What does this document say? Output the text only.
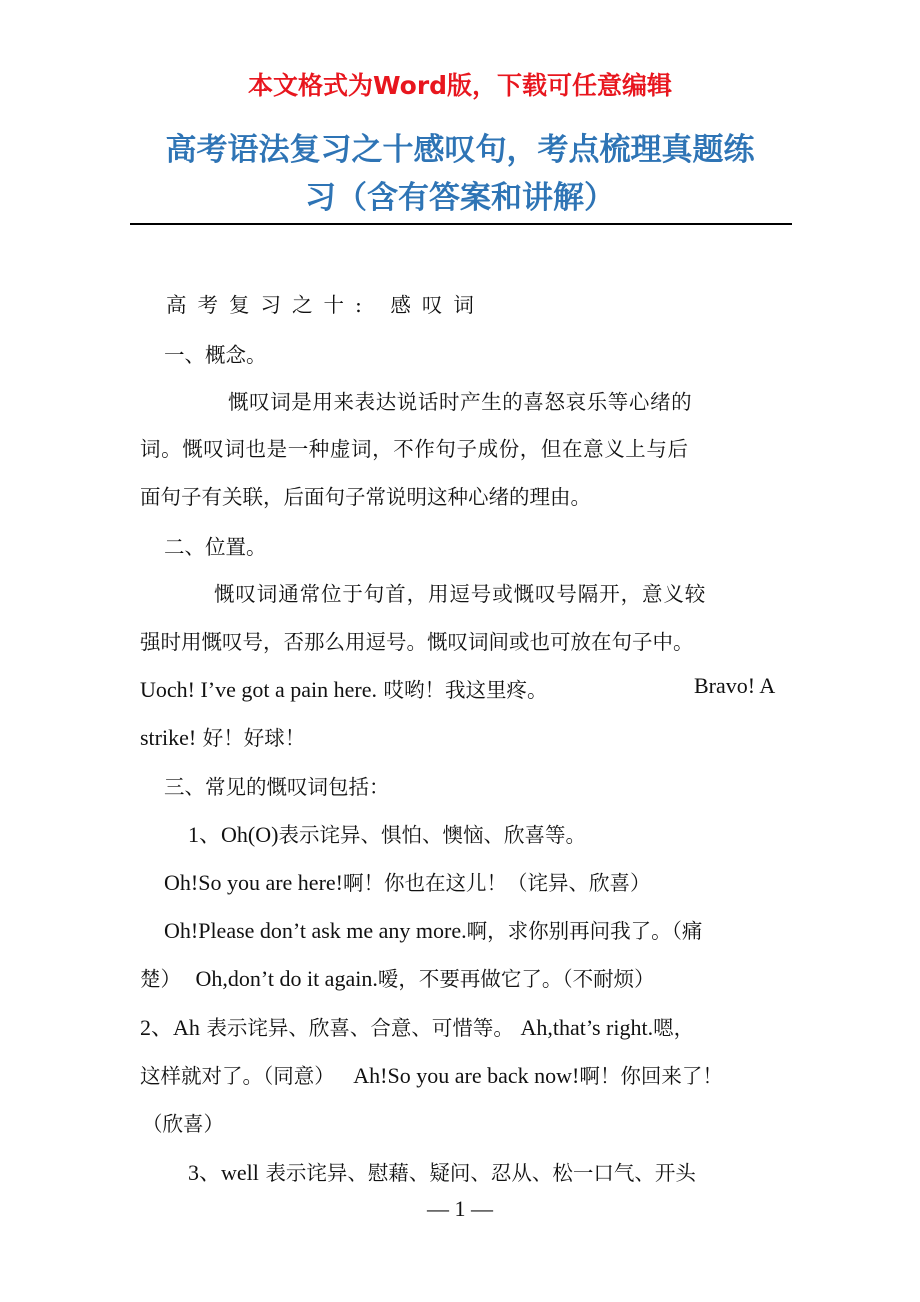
本文格式为Word版，下载可任意编辑
高考语法复习之十感叹句，考点梳理真题练
习（含有答案和讲解）
高考复习之十: 感叹词
一、概念。
慨叹词是用来表达说话时产生的喜怒哀乐等心绪的
词。慨叹词也是一种虚词，不作句子成份，但在意义上与后
面句子有关联，后面句子常说明这种心绪的理由。
二、位置。
慨叹词通常位于句首，用逗号或慨叹号隔开，意义较
强时用慨叹号，否那么用逗号。慨叹词间或也可放在句子中。
Uoch! I’ve got a pain here. 哎哟！我这里疼。	Bravo! A
strike! 好！好球！
三、常见的慨叹词包括：
1、Oh(O)表示诧异、惧怕、懊恼、欣喜等。
Oh!So you are here!啊！你也在这儿！（诧异、欣喜）
Oh!Please don’t ask me any more.啊，求你别再问我了。（痛
楚） Oh,don’t do it again.嗳，不要再做它了。（不耐烦）
2、Ah 表示诧异、欣喜、合意、可惜等。 Ah,that’s right.嗯，
这样就对了。（同意） Ah!So you are back now!啊！你回来了！
（欣喜）
3、well 表示诧异、慰藉、疑问、忍从、松一口气、开头
— 1 —
